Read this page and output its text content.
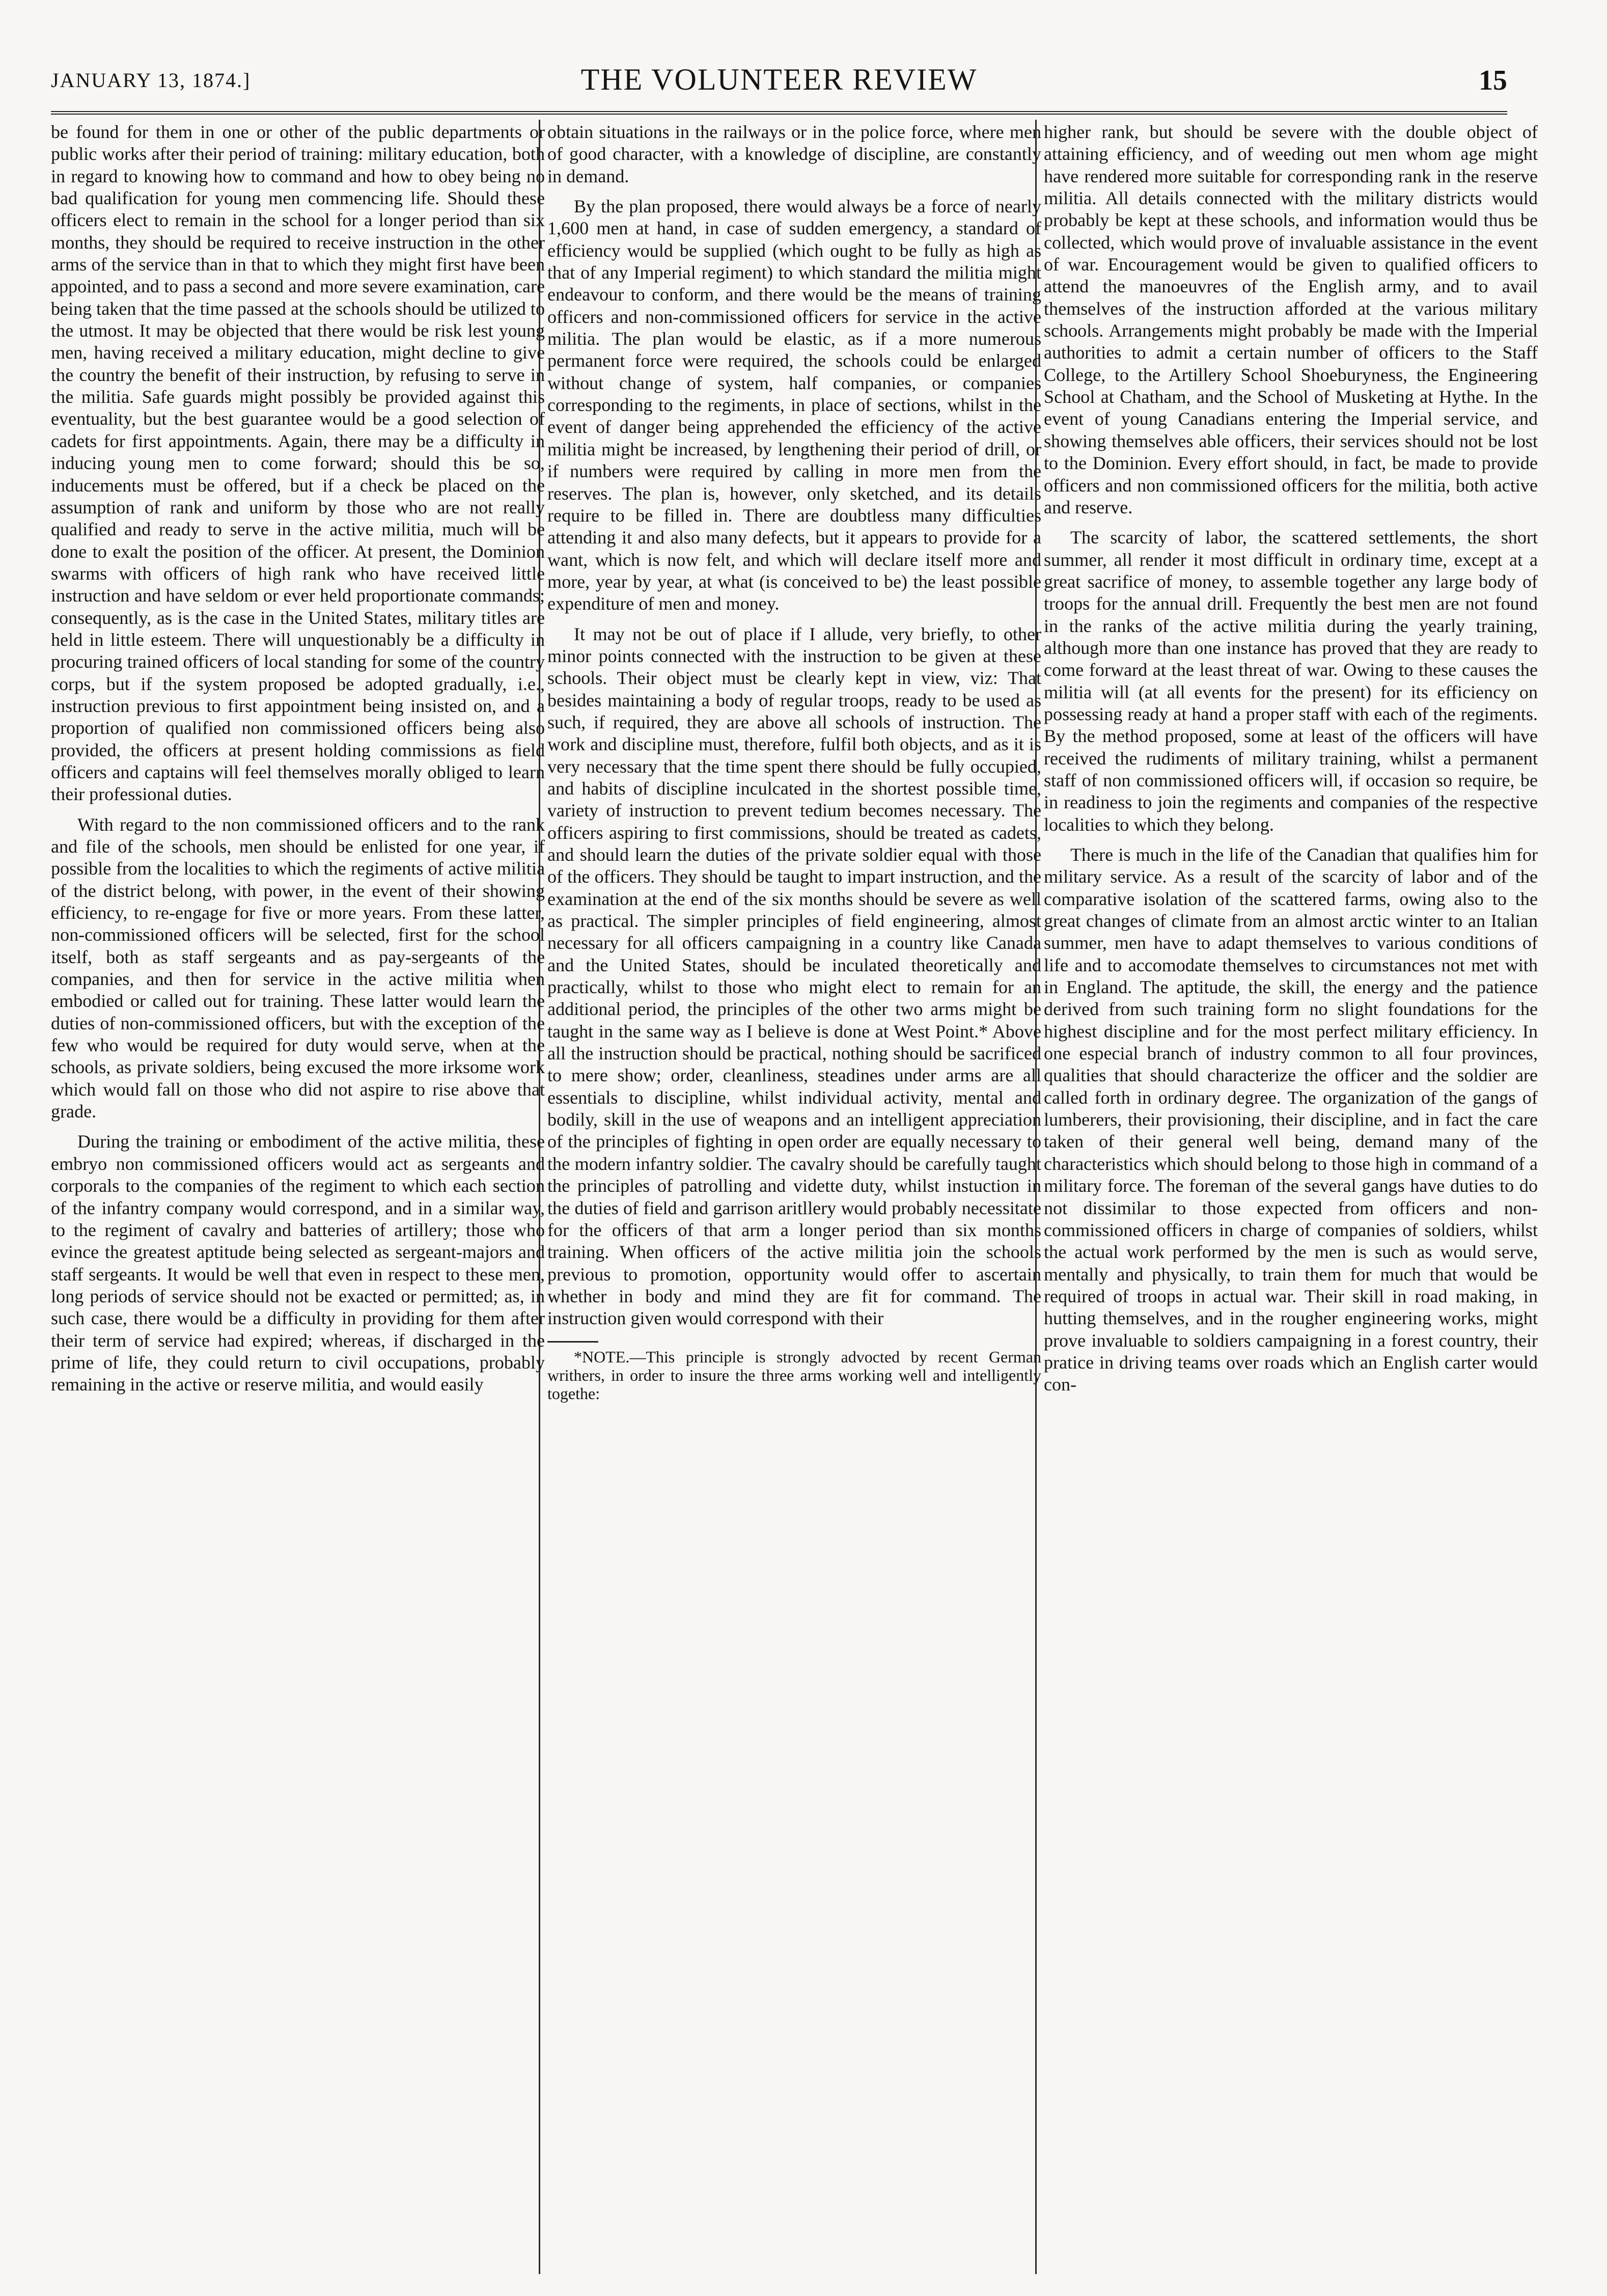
JANUARY 13, 1874.]	THE VOLUNTEER REVIEW	15

be found for them in one or other of the public departments or public works after their period of training: military education, both in regard to knowing how to command and how to obey being no bad qualification for young men commencing life. Should these officers elect to remain in the school for a longer period than six months, they should be required to receive instruction in the other arms of the service than in that to which they might first have been appointed, and to pass a second and more severe examination, care being taken that the time passed at the schools should be utilized to the utmost. It may be objected that there would be risk lest young men, having received a military education, might decline to give the country the benefit of their instruction, by refusing to serve in the militia. Safe guards might possibly be provided against this eventuality, but the best guarantee would be a good selection of cadets for first appointments. Again, there may be a difficulty in inducing young men to come forward; should this be so, inducements must be offered, but if a check be placed on the assumption of rank and uniform by those who are not really qualified and ready to serve in the active militia, much will be done to exalt the position of the officer. At present, the Dominion swarms with officers of high rank who have received little instruction and have seldom or ever held proportionate commands; consequently, as is the case in the United States, military titles are held in little esteem. There will unquestionably be a difficulty in procuring trained officers of local standing for some of the country corps, but if the system proposed be adopted gradually, i.e., instruction previous to first appointment being insisted on, and a proportion of qualified non commissioned officers being also provided, the officers at present holding commissions as field officers and captains will feel themselves morally obliged to learn their professional duties.

With regard to the non commissioned officers and to the rank and file of the schools, men should be enlisted for one year, if possible from the localities to which the regiments of active militia of the district belong, with power, in the event of their showing efficiency, to re-engage for five or more years. From these latter, non-commissioned officers will be selected, first for the school itself, both as staff sergeants and as pay-sergeants of the companies, and then for service in the active militia when embodied or called out for training. These latter would learn the duties of non-commissioned officers, but with the exception of the few who would be required for duty would serve, when at the schools, as private soldiers, being excused the more irksome work which would fall on those who did not aspire to rise above that grade.

During the training or embodiment of the active militia, these embryo non commissioned officers would act as sergeants and corporals to the companies of the regiment to which each section of the infantry company would correspond, and in a similar way, to the regiment of cavalry and batteries of artillery; those who evince the greatest aptitude being selected as sergeant-majors and staff sergeants. It would be well that even in respect to these men, long periods of service should not be exacted or permitted; as, in such case, there would be a difficulty in providing for them after their term of service had expired; whereas, if discharged in the prime of life, they could return to civil occupations, probably remaining in the active or reserve militia, and would easily

obtain situations in the railways or in the police force, where men of good character, with a knowledge of discipline, are constantly in demand.

By the plan proposed, there would always be a force of nearly 1,600 men at hand, in case of sudden emergency, a standard of efficiency would be supplied (which ought to be fully as high as that of any Imperial regiment) to which standard the militia might endeavour to conform, and there would be the means of training officers and non-commissioned officers for service in the active militia. The plan would be elastic, as if a more numerous permanent force were required, the schools could be enlarged without change of system, half companies, or companies corresponding to the regiments, in place of sections, whilst in the event of danger being apprehended the efficiency of the active militia might be increased, by lengthening their period of drill, or if numbers were required by calling in more men from the reserves. The plan is, however, only sketched, and its details require to be filled in. There are doubtless many difficulties attending it and also many defects, but it appears to provide for a want, which is now felt, and which will declare itself more and more, year by year, at what (is conceived to be) the least possible expenditure of men and money.

It may not be out of place if I allude, very briefly, to other minor points connected with the instruction to be given at these schools. Their object must be clearly kept in view, viz: That besides maintaining a body of regular troops, ready to be used as such, if required, they are above all schools of instruction. The work and discipline must, therefore, fulfil both objects, and as it is very necessary that the time spent there should be fully occupied, and habits of discipline inculcated in the shortest possible time, variety of instruction to prevent tedium becomes necessary. The officers aspiring to first commissions, should be treated as cadets, and should learn the duties of the private soldier equal with those of the officers. They should be taught to impart instruction, and the examination at the end of the six months should be severe as well as practical. The simpler principles of field engineering, almost necessary for all officers campaigning in a country like Canada and the United States, should be inculated theoretically and practically, whilst to those who might elect to remain for an additional period, the principles of the other two arms might be taught in the same way as I believe is done at West Point.* Above all the instruction should be practical, nothing should be sacrificed to mere show; order, cleanliness, steadines under arms are all essentials to discipline, whilst individual activity, mental and bodily, skill in the use of weapons and an intelligent appreciation of the principles of fighting in open order are equally necessary to the modern infantry soldier. The cavalry should be carefully taught the principles of patrolling and vidette duty, whilst instuction in the duties of field and garrison aritllery would probably necessitate for the officers of that arm a longer period than six months training. When officers of the active militia join the schools previous to promotion, opportunity would offer to ascertain whether in body and mind they are fit for command. The instruction given would correspond with their

*NOTE.—This principle is strongly advocted by recent German writhers, in order to insure the three arms working well and intelligently togethe:

higher rank, but should be severe with the double object of attaining efficiency, and of weeding out men whom age might have rendered more suitable for corresponding rank in the reserve militia. All details connected with the military districts would probably be kept at these schools, and information would thus be collected, which would prove of invaluable assistance in the event of war. Encouragement would be given to qualified officers to attend the manoeuvres of the English army, and to avail themselves of the instruction afforded at the various military schools. Arrangements might probably be made with the Imperial authorities to admit a certain number of officers to the Staff College, to the Artillery School Shoeburyness, the Engineering School at Chatham, and the School of Musketing at Hythe. In the event of young Canadians entering the Imperial service, and showing themselves able officers, their services should not be lost to the Dominion. Every effort should, in fact, be made to provide officers and non commissioned officers for the militia, both active and reserve.

The scarcity of labor, the scattered settlements, the short summer, all render it most difficult in ordinary time, except at a great sacrifice of money, to assemble together any large body of troops for the annual drill. Frequently the best men are not found in the ranks of the active militia during the yearly training, although more than one instance has proved that they are ready to come forward at the least threat of war. Owing to these causes the militia will (at all events for the present) for its efficiency on possessing ready at hand a proper staff with each of the regiments. By the method proposed, some at least of the officers will have received the rudiments of military training, whilst a permanent staff of non commissioned officers will, if occasion so require, be in readiness to join the regiments and companies of the respective localities to which they belong.

There is much in the life of the Canadian that qualifies him for military service. As a result of the scarcity of labor and of the comparative isolation of the scattered farms, owing also to the great changes of climate from an almost arctic winter to an Italian summer, men have to adapt themselves to various conditions of life and to accomodate themselves to circumstances not met with in England. The aptitude, the skill, the energy and the patience derived from such training form no slight foundations for the highest discipline and for the most perfect military efficiency. In one especial branch of industry common to all four provinces, qualities that should characterize the officer and the soldier are called forth in ordinary degree. The organization of the gangs of lumberers, their provisioning, their discipline, and in fact the care taken of their general well being, demand many of the characteristics which should belong to those high in command of a military force. The foreman of the several gangs have duties to do not dissimilar to those expected from officers and non-commissioned officers in charge of companies of soldiers, whilst the actual work performed by the men is such as would serve, mentally and physically, to train them for much that would be required of troops in actual war. Their skill in road making, in hutting themselves, and in the rougher engineering works, might prove invaluable to soldiers campaigning in a forest country, their pratice in driving teams over roads which an English carter would con-
